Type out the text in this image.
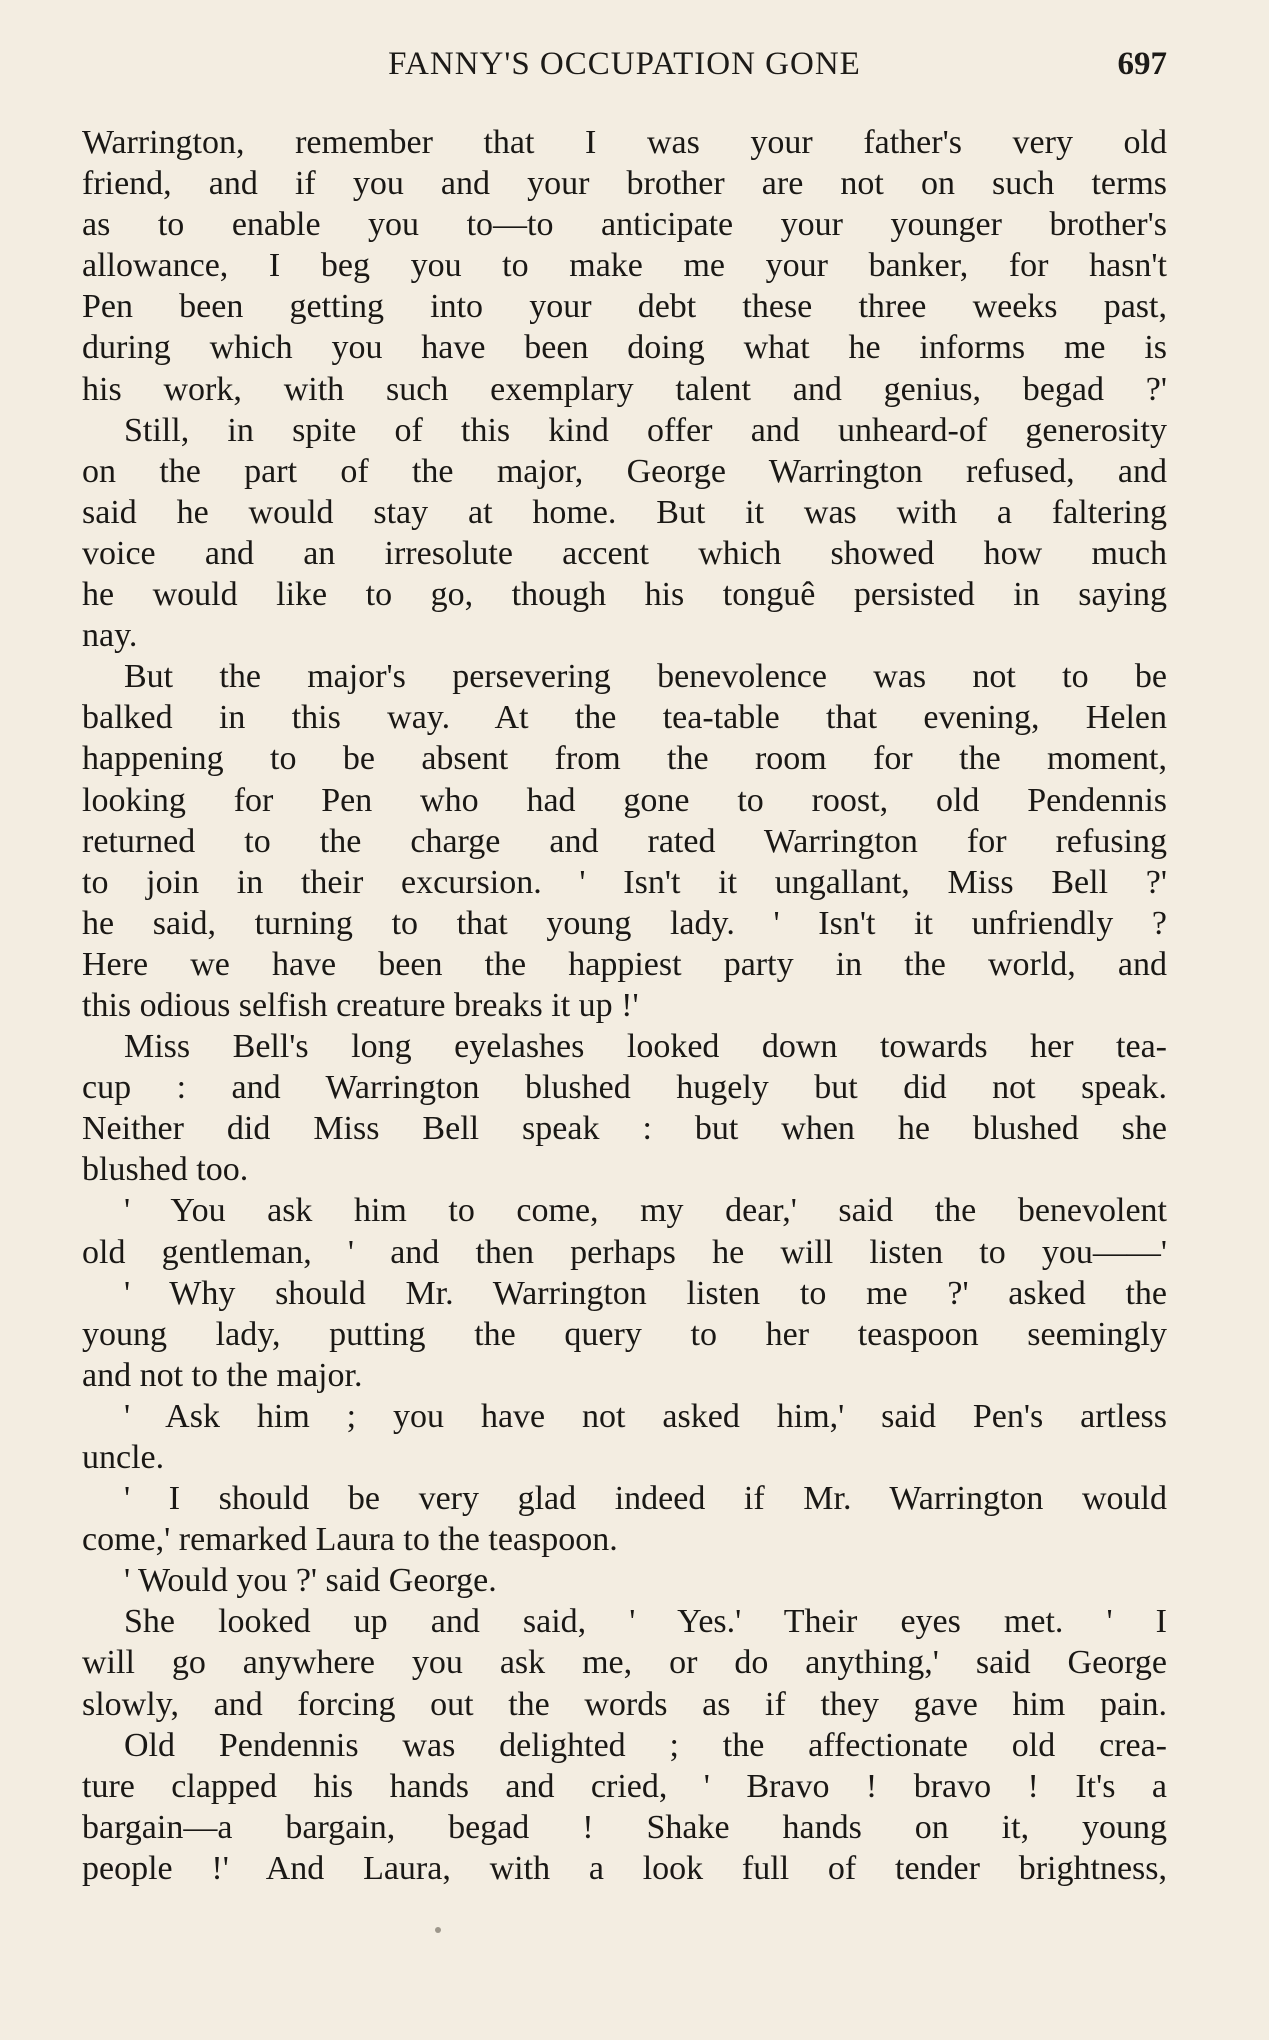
FANNY'S OCCUPATION GONE	697
Warrington, remember that I was your father's very old
friend, and if you and your brother are not on such terms
as to enable you to—to anticipate your younger brother's
allowance, I beg you to make me your banker, for hasn't
Pen been getting into your debt these three weeks past,
during which you have been doing what he informs me is
his work, with such exemplary talent and genius, begad ?'
Still, in spite of this kind offer and unheard-of generosity
on the part of the major, George Warrington refused, and
said he would stay at home. But it was with a faltering
voice and an irresolute accent which showed how much
he would like to go, though his tonguê persisted in saying
nay.
But the major's persevering benevolence was not to be
balked in this way. At the tea-table that evening, Helen
happening to be absent from the room for the moment,
looking for Pen who had gone to roost, old Pendennis
returned to the charge and rated Warrington for refusing
to join in their excursion. ' Isn't it ungallant, Miss Bell ?'
he said, turning to that young lady. ' Isn't it unfriendly ?
Here we have been the happiest party in the world, and
this odious selfish creature breaks it up !'
Miss Bell's long eyelashes looked down towards her tea-
cup : and Warrington blushed hugely but did not speak.
Neither did Miss Bell speak : but when he blushed she
blushed too.
' You ask him to come, my dear,' said the benevolent
old gentleman, ' and then perhaps he will listen to you——'
' Why should Mr. Warrington listen to me ?' asked the
young lady, putting the query to her teaspoon seemingly
and not to the major.
' Ask him ; you have not asked him,' said Pen's artless
uncle.
' I should be very glad indeed if Mr. Warrington would
come,' remarked Laura to the teaspoon.
' Would you ?' said George.
She looked up and said, ' Yes.' Their eyes met. ' I
will go anywhere you ask me, or do anything,' said George
slowly, and forcing out the words as if they gave him pain.
Old Pendennis was delighted ; the affectionate old crea-
ture clapped his hands and cried, ' Bravo ! bravo ! It's a
bargain—a bargain, begad ! Shake hands on it, young
people !' And Laura, with a look full of tender brightness,
